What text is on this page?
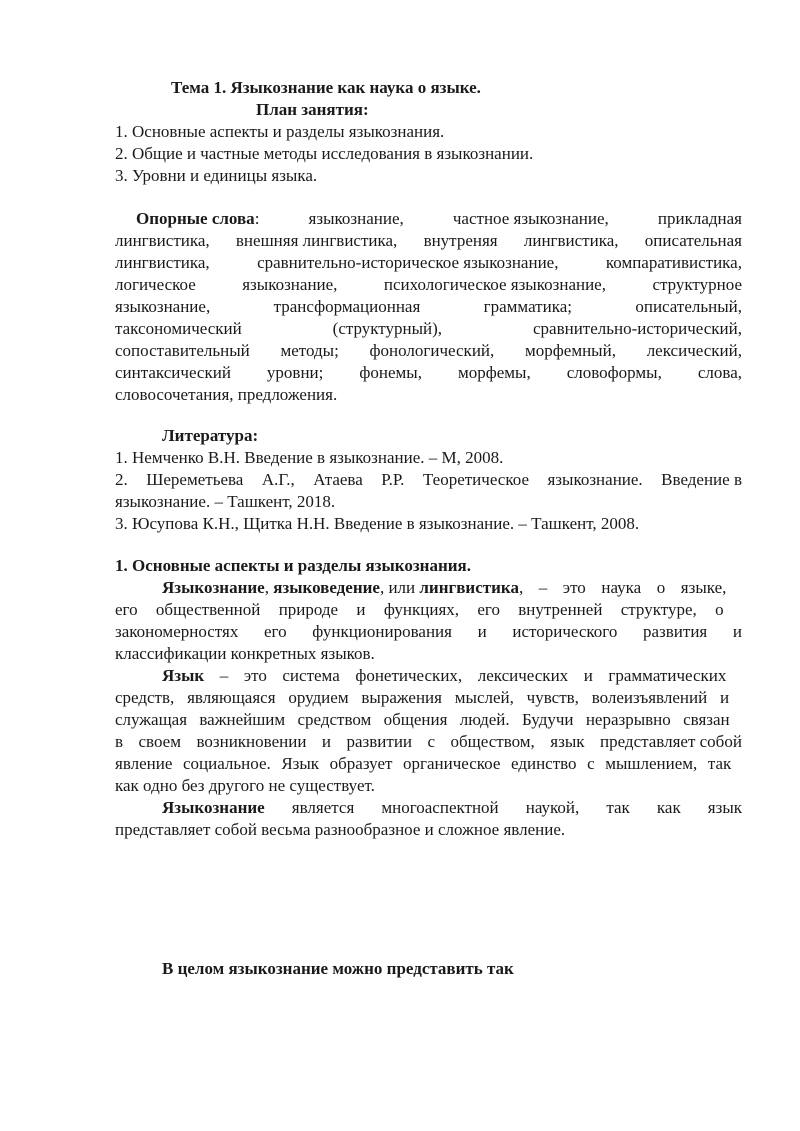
Тема 1. Языкознание как наука о языке.
План занятия:
1. Основные аспекты и разделы языкознания.
2. Общие и частные методы исследования в языкознании.
3. Уровни и единицы языка.
Опорные слова:	языкознание,	частное языкознание,	прикладная
лингвистика, внешняя лингвистика, внутреняя лингвистика, описательная
лингвистика,	сравнительно-историческое языкознание,	компаративистика,
логическое	языкознание,	психологическое языкознание,	структурное
языкознание,	трансформационная	грамматика;	описательный,
таксономический	(структурный),	сравнительно-исторический,
сопоставительный методы; фонологический, морфемный, лексический,
синтаксический уровни; фонемы, морфемы, словоформы, слова,
словосочетания, предложения.
Литература:
1. Немченко В.Н. Введение в языкознание. – М, 2008.
2. Шереметьева А.Г., Атаева Р.Р. Теоретическое языкознание. Введение в
языкознание. – Ташкент, 2018.
3. Юсупова К.Н., Щитка Н.Н. Введение в языкознание. – Ташкент, 2008.
1. Основные аспекты и разделы языкознания.
Языкознание, языковедение, или лингвистика, – это наука о языке,
его общественной природе и функциях, его внутренней структуре, о
закономерностях его функционирования и исторического развития и
классификации конкретных языков.
Язык – это система фонетических, лексических и грамматических
средств, являющаяся орудием выражения мыслей, чувств, волеизъявлений и
служащая важнейшим средством общения людей. Будучи неразрывно связан
в своем возникновении и развитии с обществом, язык представляет собой
явление социальное. Язык образует органическое единство с мышлением, так
как одно без другого не существует.
Языкознание является многоаспектной наукой, так как язык
представляет собой весьма разнообразное и сложное явление.
В целом языкознание можно представить так
